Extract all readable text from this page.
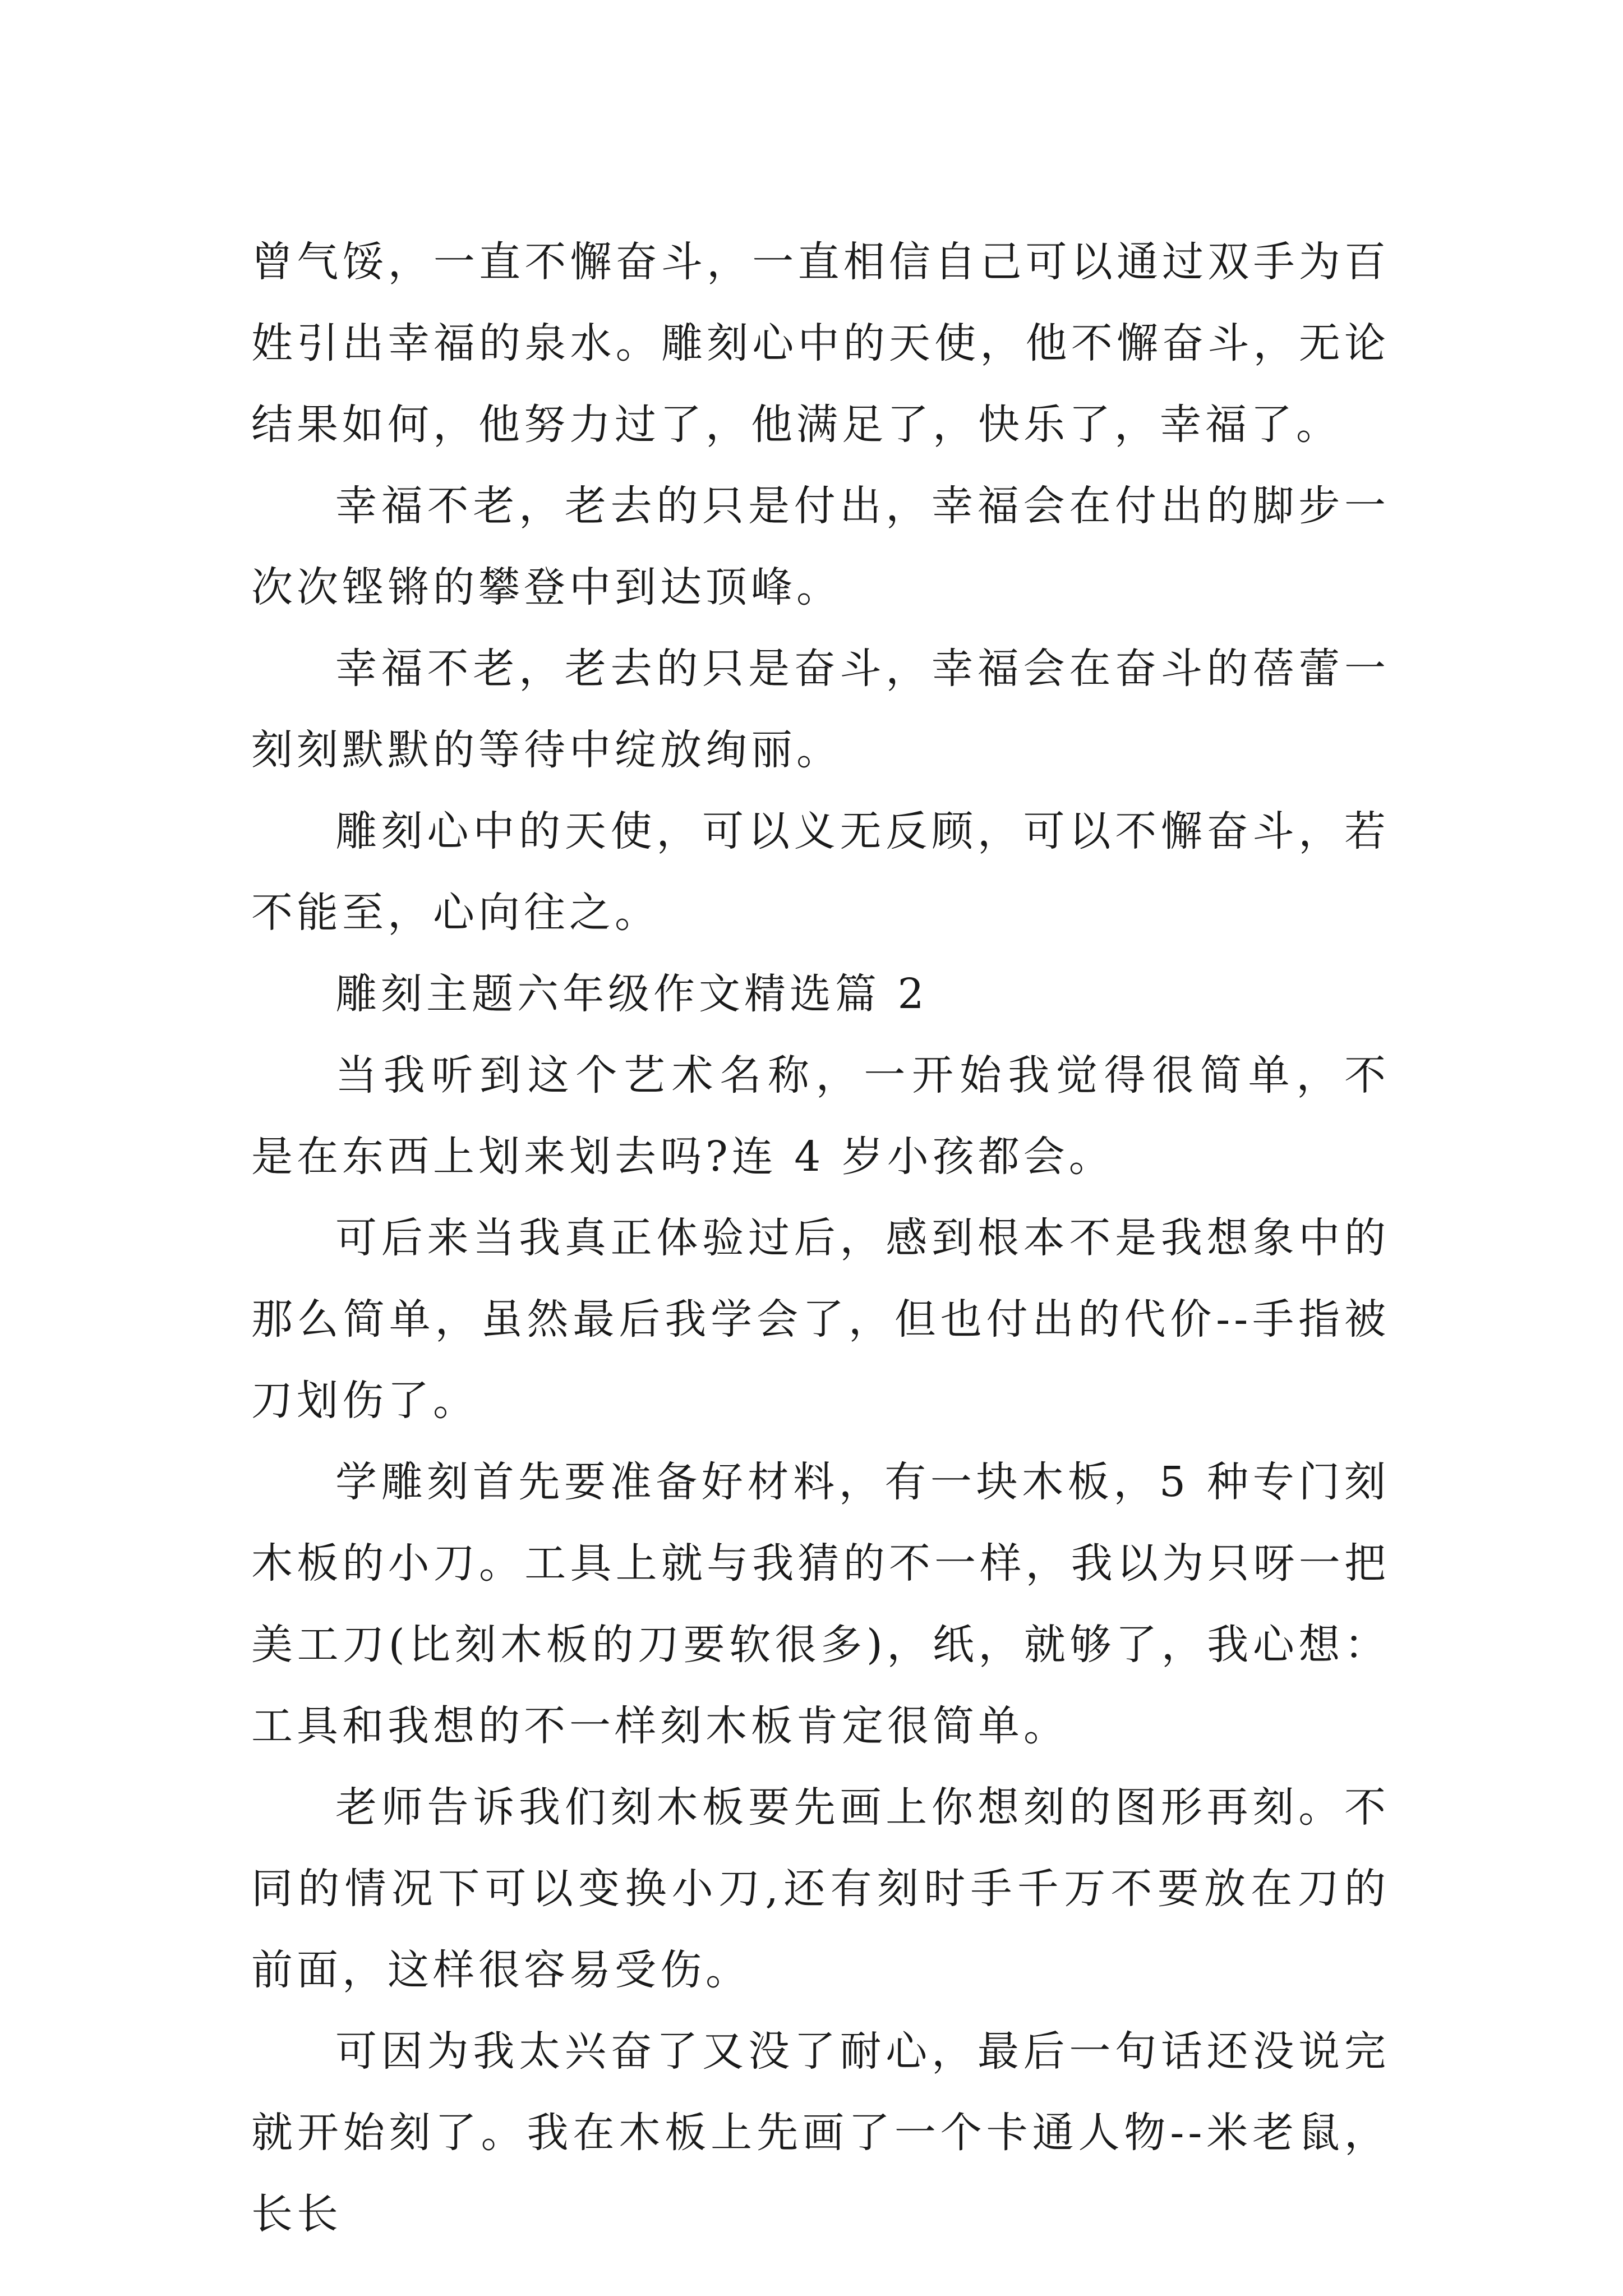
曾气馁，一直不懈奋斗，一直相信自己可以通过双手为百姓引出幸福的泉水。雕刻心中的天使，他不懈奋斗，无论结果如何，他努力过了，他满足了，快乐了，幸福了。

幸福不老，老去的只是付出，幸福会在付出的脚步一次次铿锵的攀登中到达顶峰。

幸福不老，老去的只是奋斗，幸福会在奋斗的蓓蕾一刻刻默默的等待中绽放绚丽。

雕刻心中的天使，可以义无反顾，可以不懈奋斗，若不能至，心向往之。

雕刻主题六年级作文精选篇 2

当我听到这个艺术名称，一开始我觉得很简单，不 是在东西上划来划去吗?连 4 岁小孩都会。

可后来当我真正体验过后，感到根本不是我想象中的那么简单，虽然最后我学会了，但也付出的代价--手指被刀划伤了。

学雕刻首先要准备好材料，有一块木板，5 种专门刻木板的小刀。工具上就与我猜的不一样，我以为只呀一把美工刀(比刻木板的刀要软很多)，纸，就够了，我心想：工具和我想的不一样刻木板肯定很简单。

老师告诉我们刻木板要先画上你想刻的图形再刻。不同的情况下可以变换小刀,还有刻时手千万不要放在刀的前面，这样很容易受伤。

可因为我太兴奋了又没了耐心，最后一句话还没说完就开始刻了。我在木板上先画了一个卡通人物--米老鼠，长长
